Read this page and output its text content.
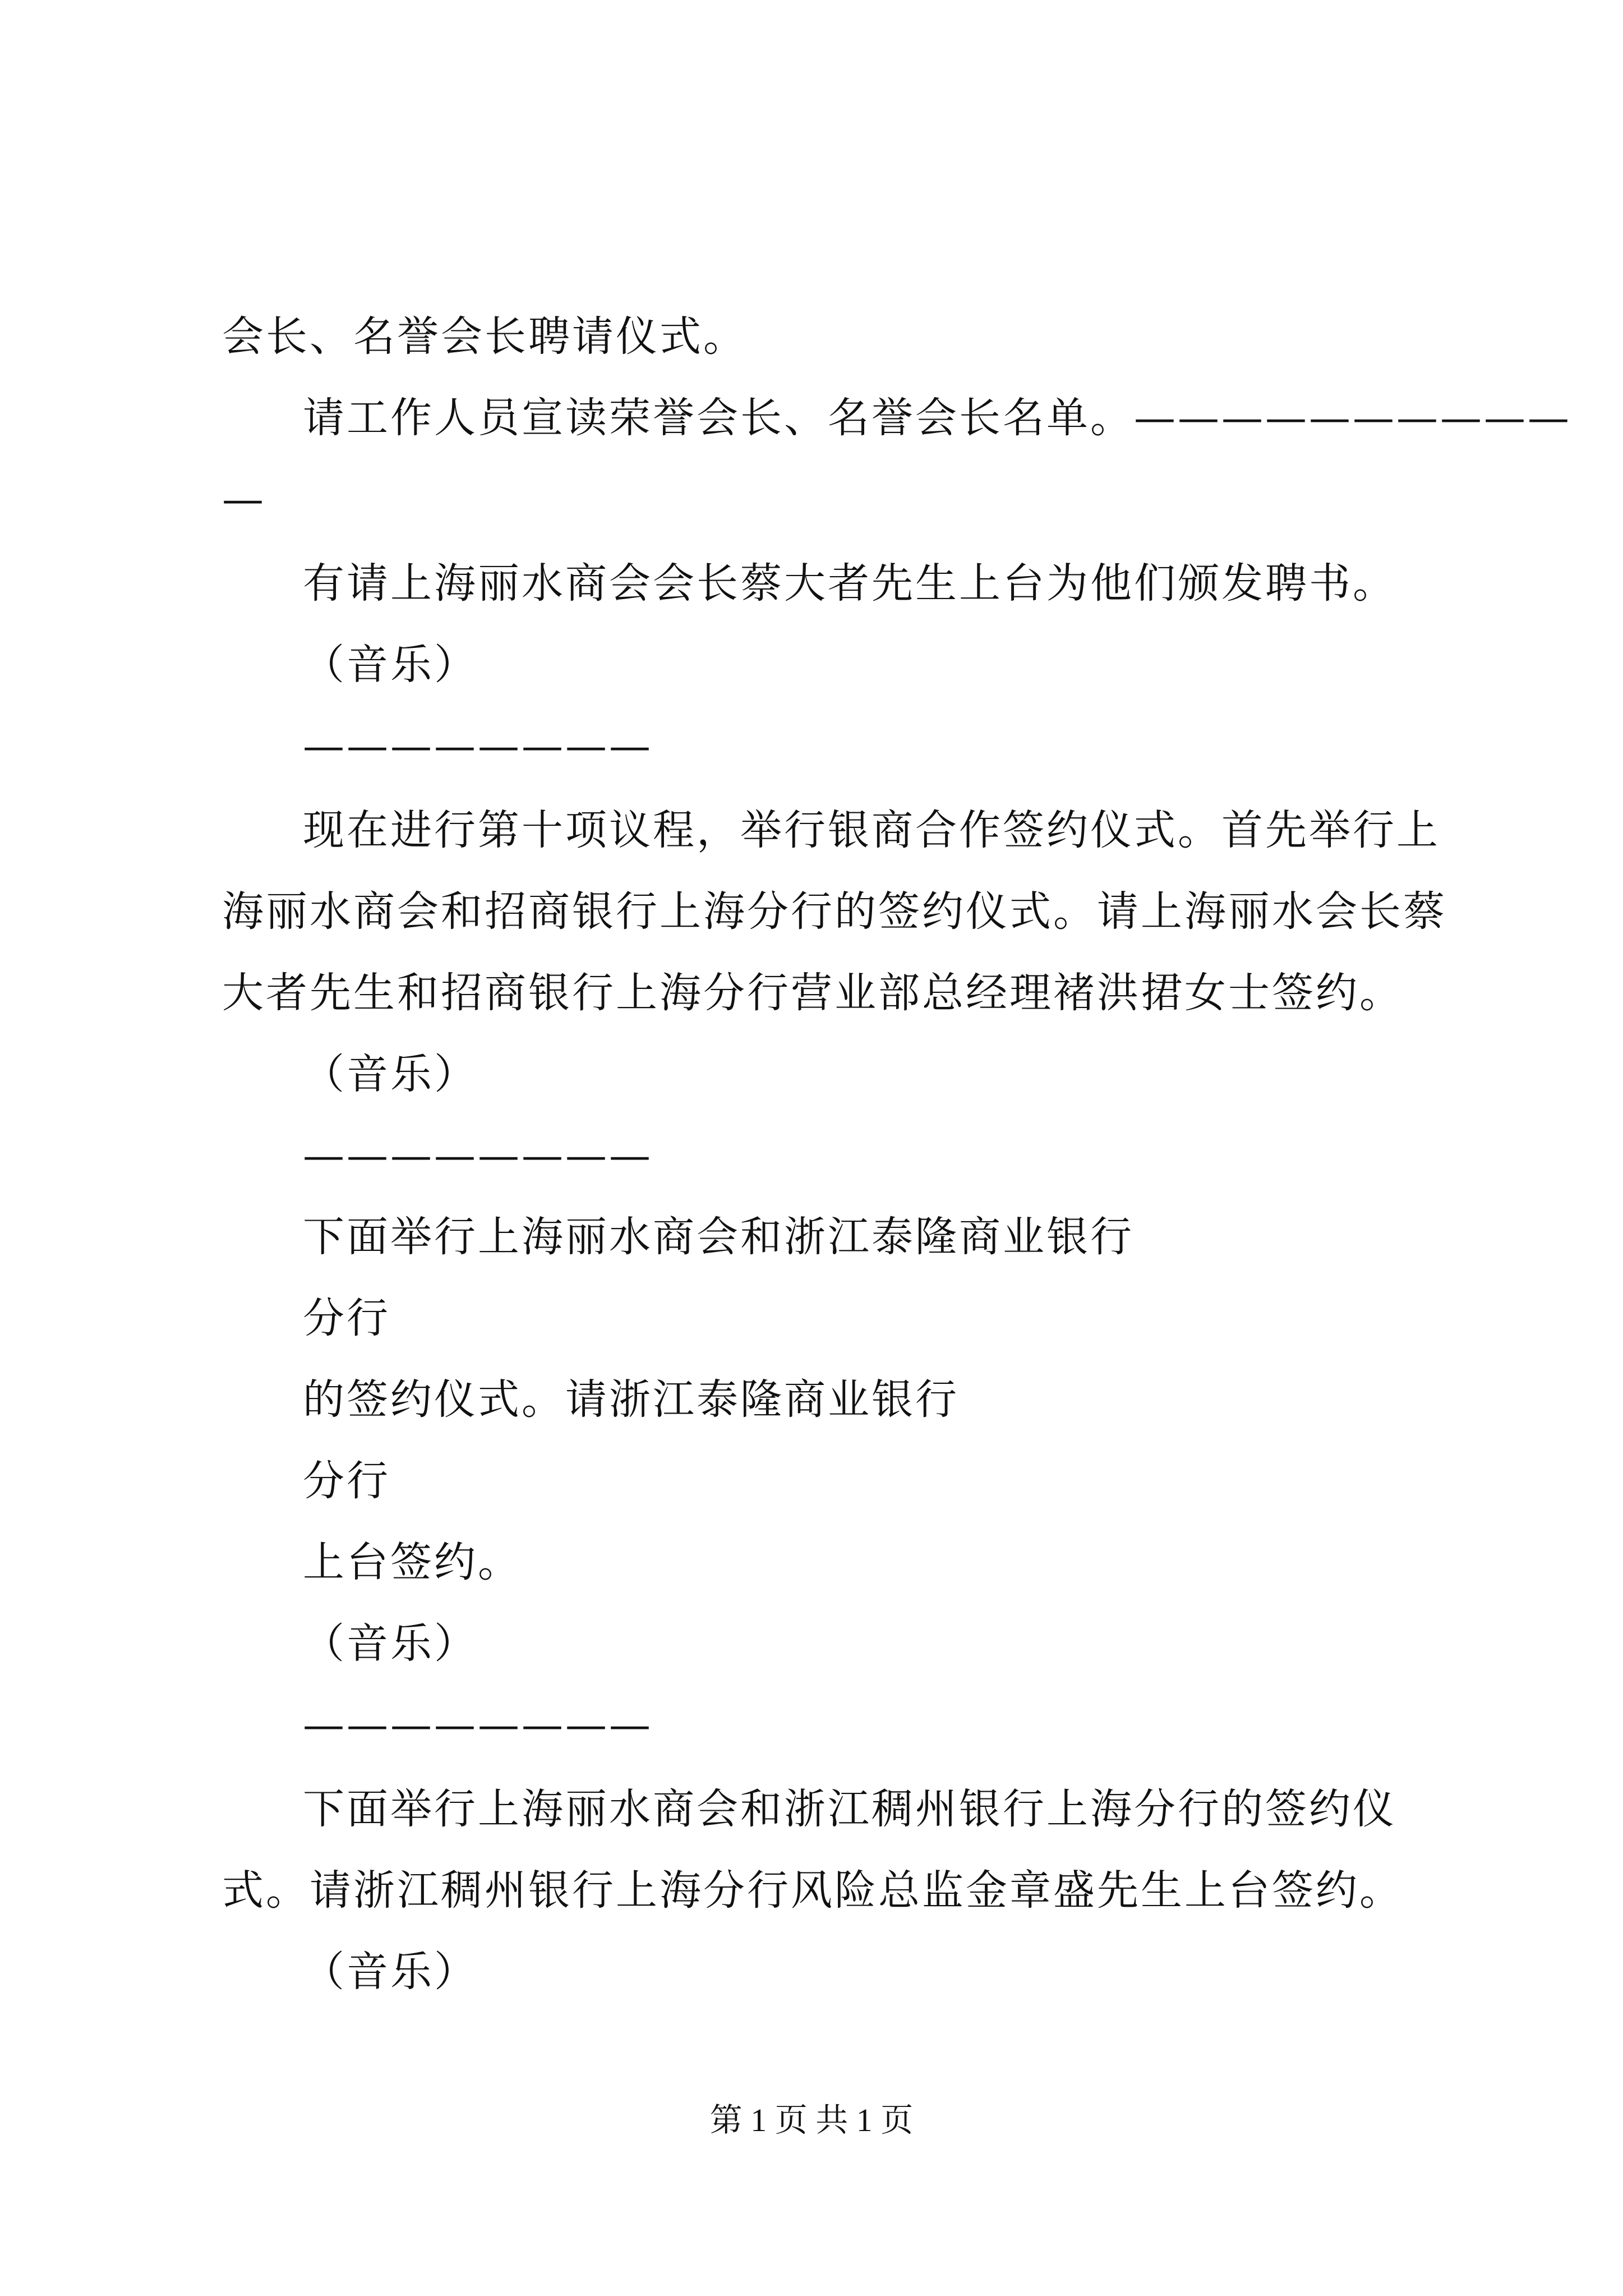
会长、名誉会长聘请仪式。
请工作人员宣读荣誉会长、名誉会长名单。——————————
—
有请上海丽水商会会长蔡大者先生上台为他们颁发聘书。
（音乐）
————————
现在进行第十项议程，举行银商合作签约仪式。首先举行上
海丽水商会和招商银行上海分行的签约仪式。请上海丽水会长蔡
大者先生和招商银行上海分行营业部总经理褚洪捃女士签约。
（音乐）
————————
下面举行上海丽水商会和浙江泰隆商业银行
分行
的签约仪式。请浙江泰隆商业银行
分行
上台签约。
（音乐）
————————
下面举行上海丽水商会和浙江稠州银行上海分行的签约仪
式。请浙江稠州银行上海分行风险总监金章盛先生上台签约。
（音乐）
第 1 页 共 1 页
